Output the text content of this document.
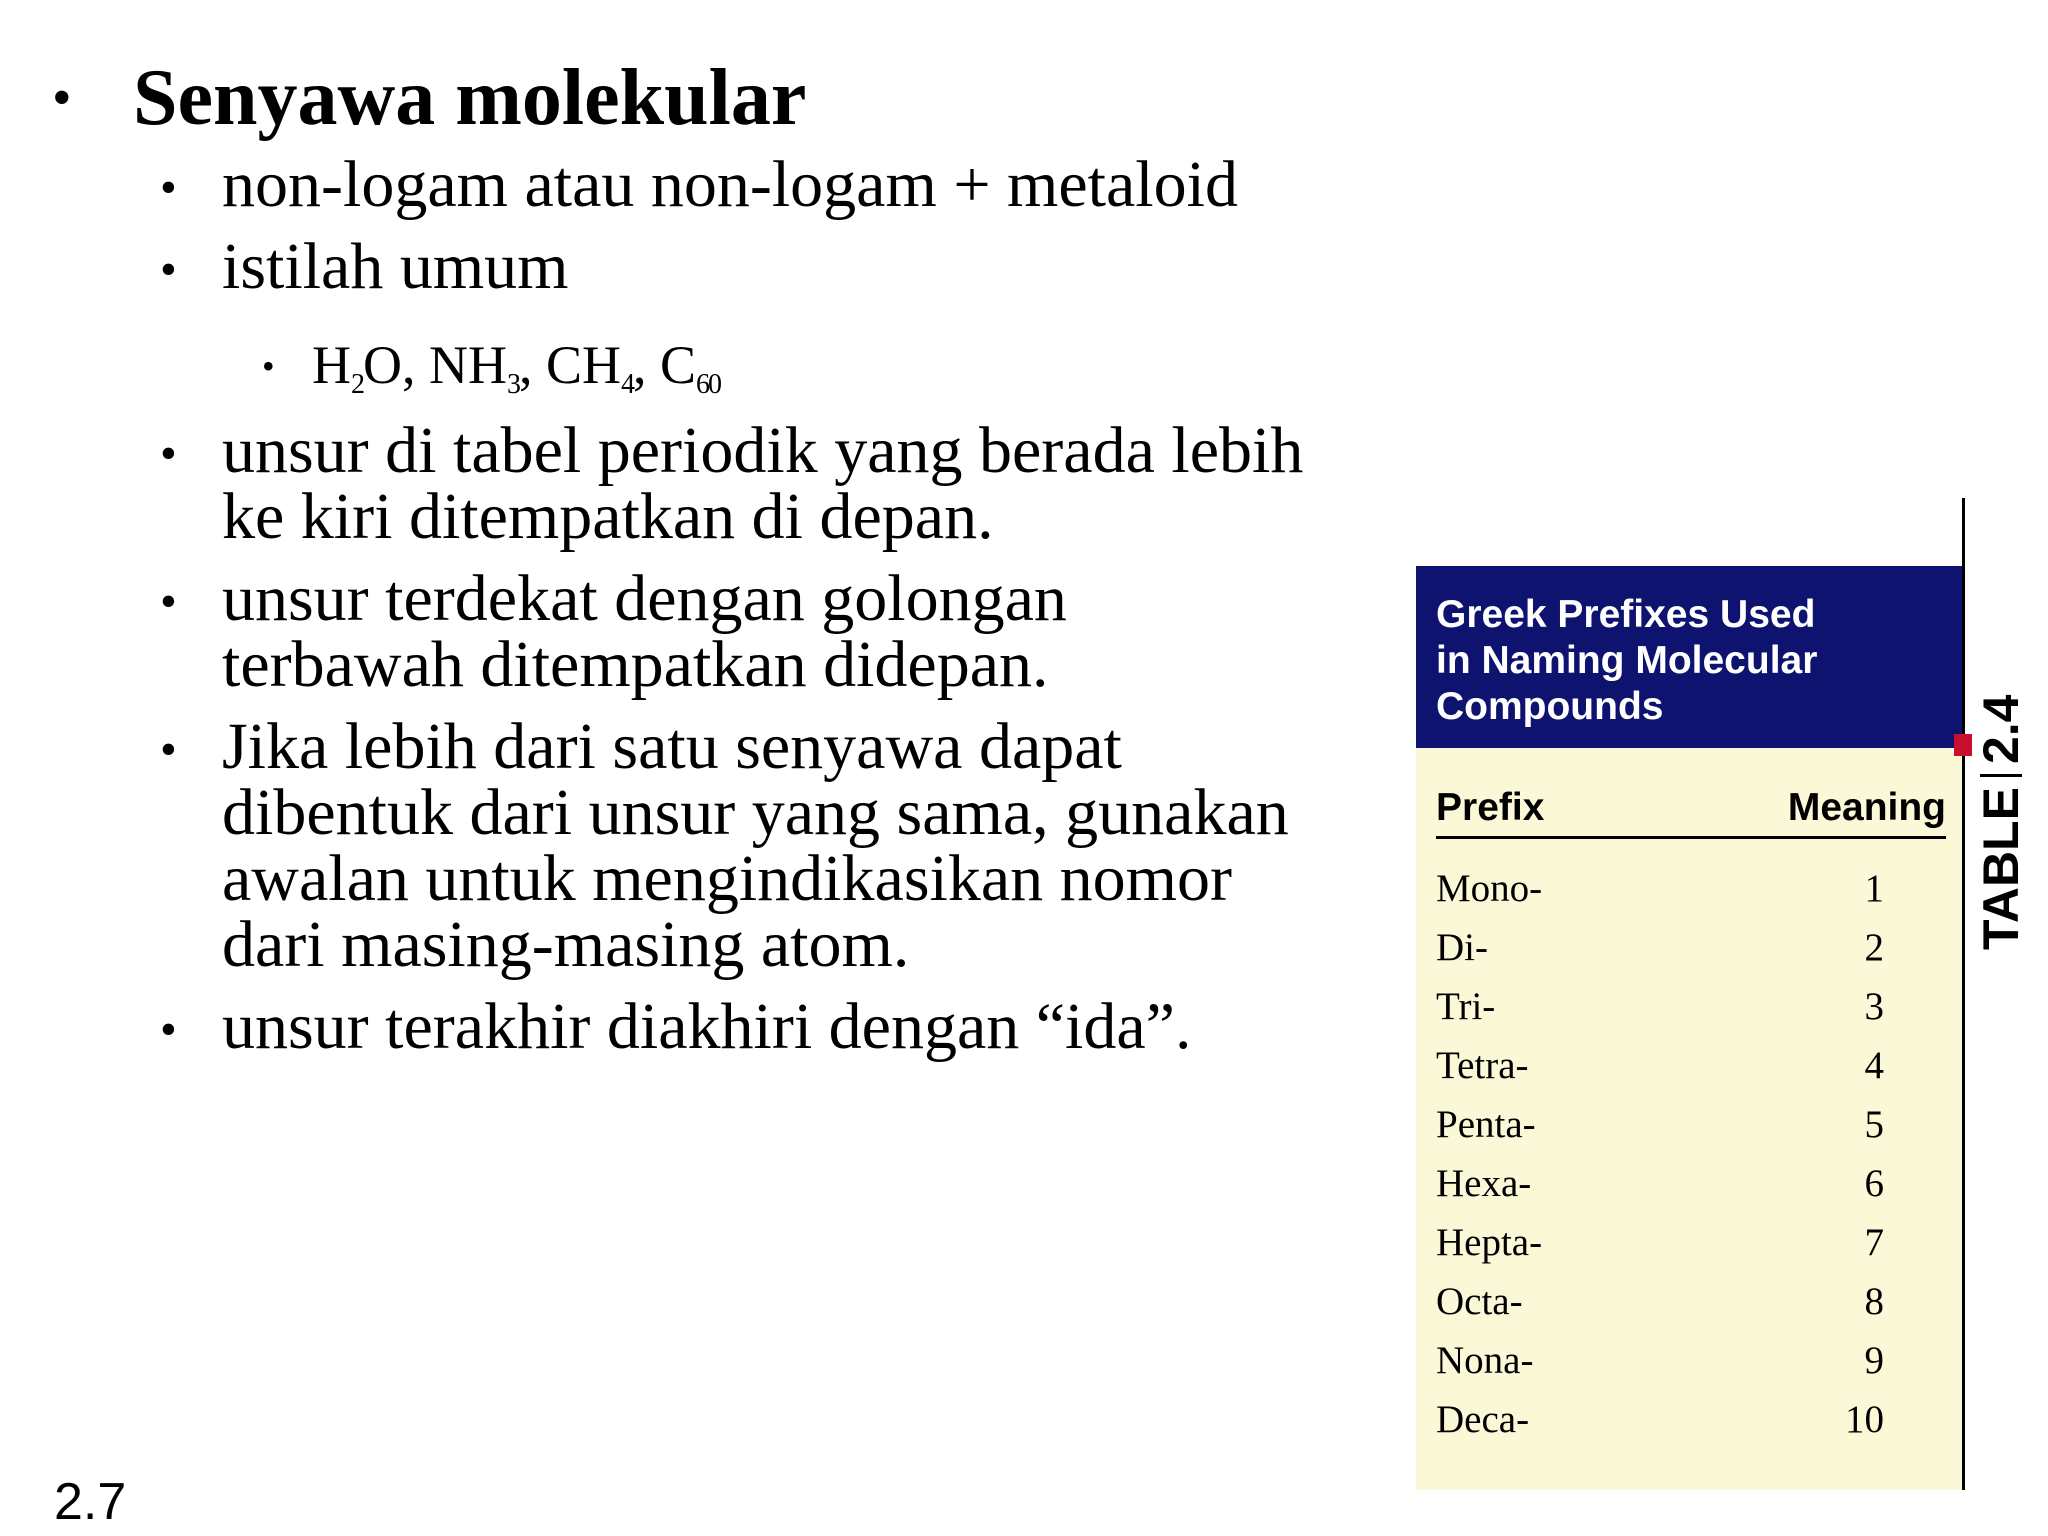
• Senyawa molekular
• non-logam atau non-logam + metaloid
• istilah umum
• $H_2O$, $NH_3$, $CH_4$, $C_{60}$
• unsur di tabel periodik yang berada lebih
ke kiri ditempatkan di depan.
• unsur terdekat dengan golongan
terbawah ditempatkan didepan.
• Jika lebih dari satu senyawa dapat
dibentuk dari unsur yang sama, gunakan
awalan untuk mengindikasikan nomor
dari masing-masing atom.
• unsur terakhir diakhiri dengan “ida”.
2.7
Greek Prefixes Used
in Naming Molecular
Compounds
Prefix	Meaning
Mono-	1
Di-	2
Tri-	3
Tetra-	4
Penta-	5
Hexa-	6
Hepta-	7
Octa-	8
Nona-	9
Deca-	10
TABLE2.4
